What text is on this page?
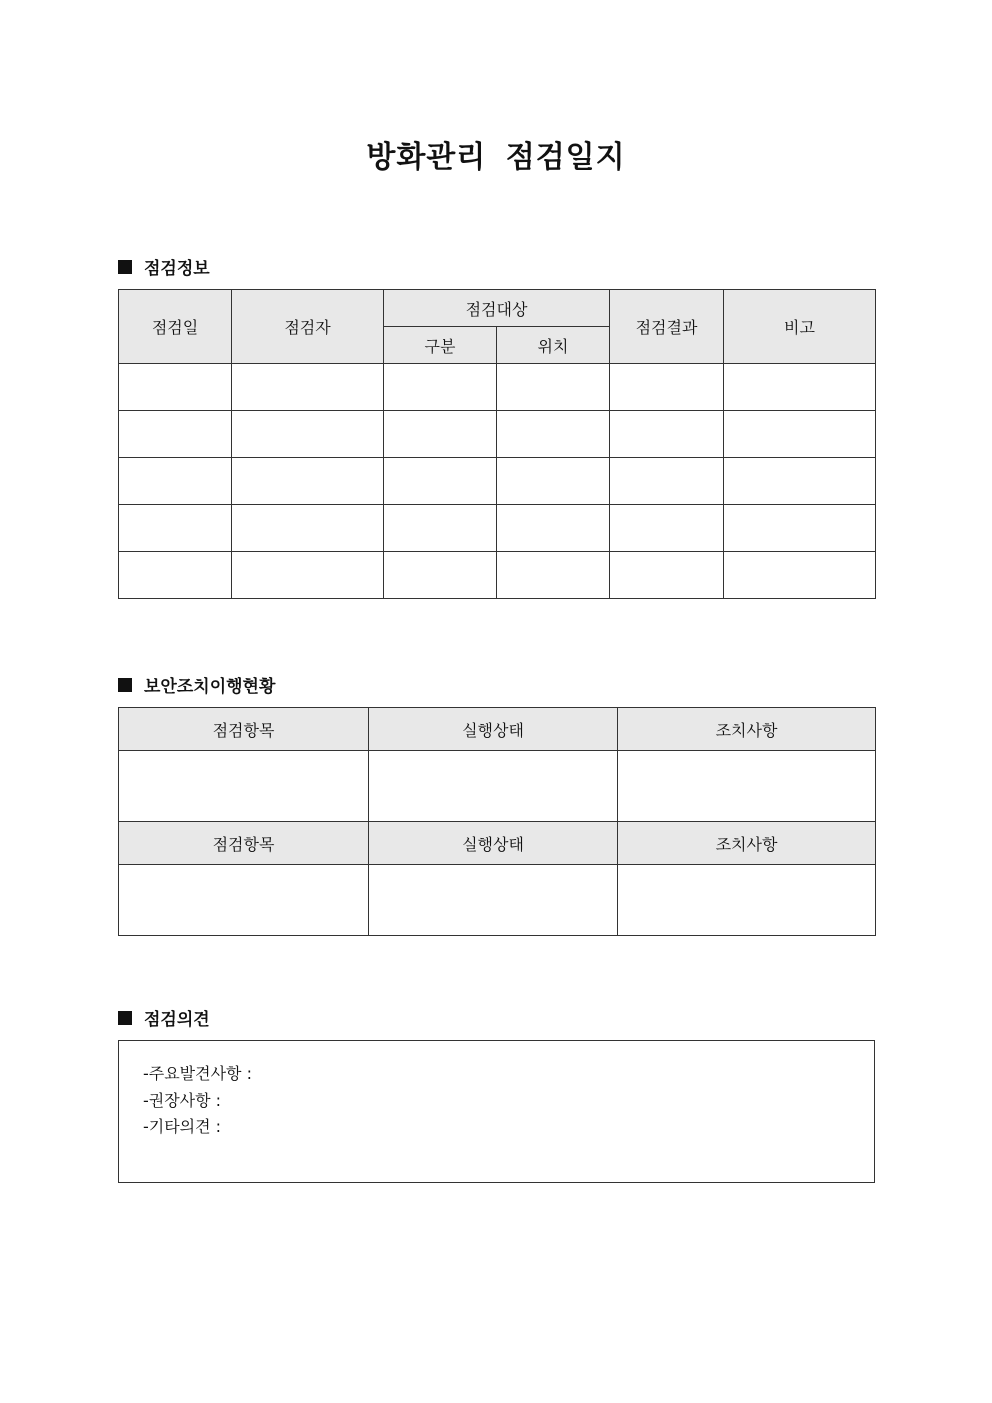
방화관리 점검일지
점검정보
점검일	점검자	점검대상		점검결과	비고
		구분	위치		

보안조치이행현황
점검항목	실행상태	조치사항

점검항목	실행상태	조치사항

점검의견
-주요발견사항 :
-권장사항 :
-기타의견 :
